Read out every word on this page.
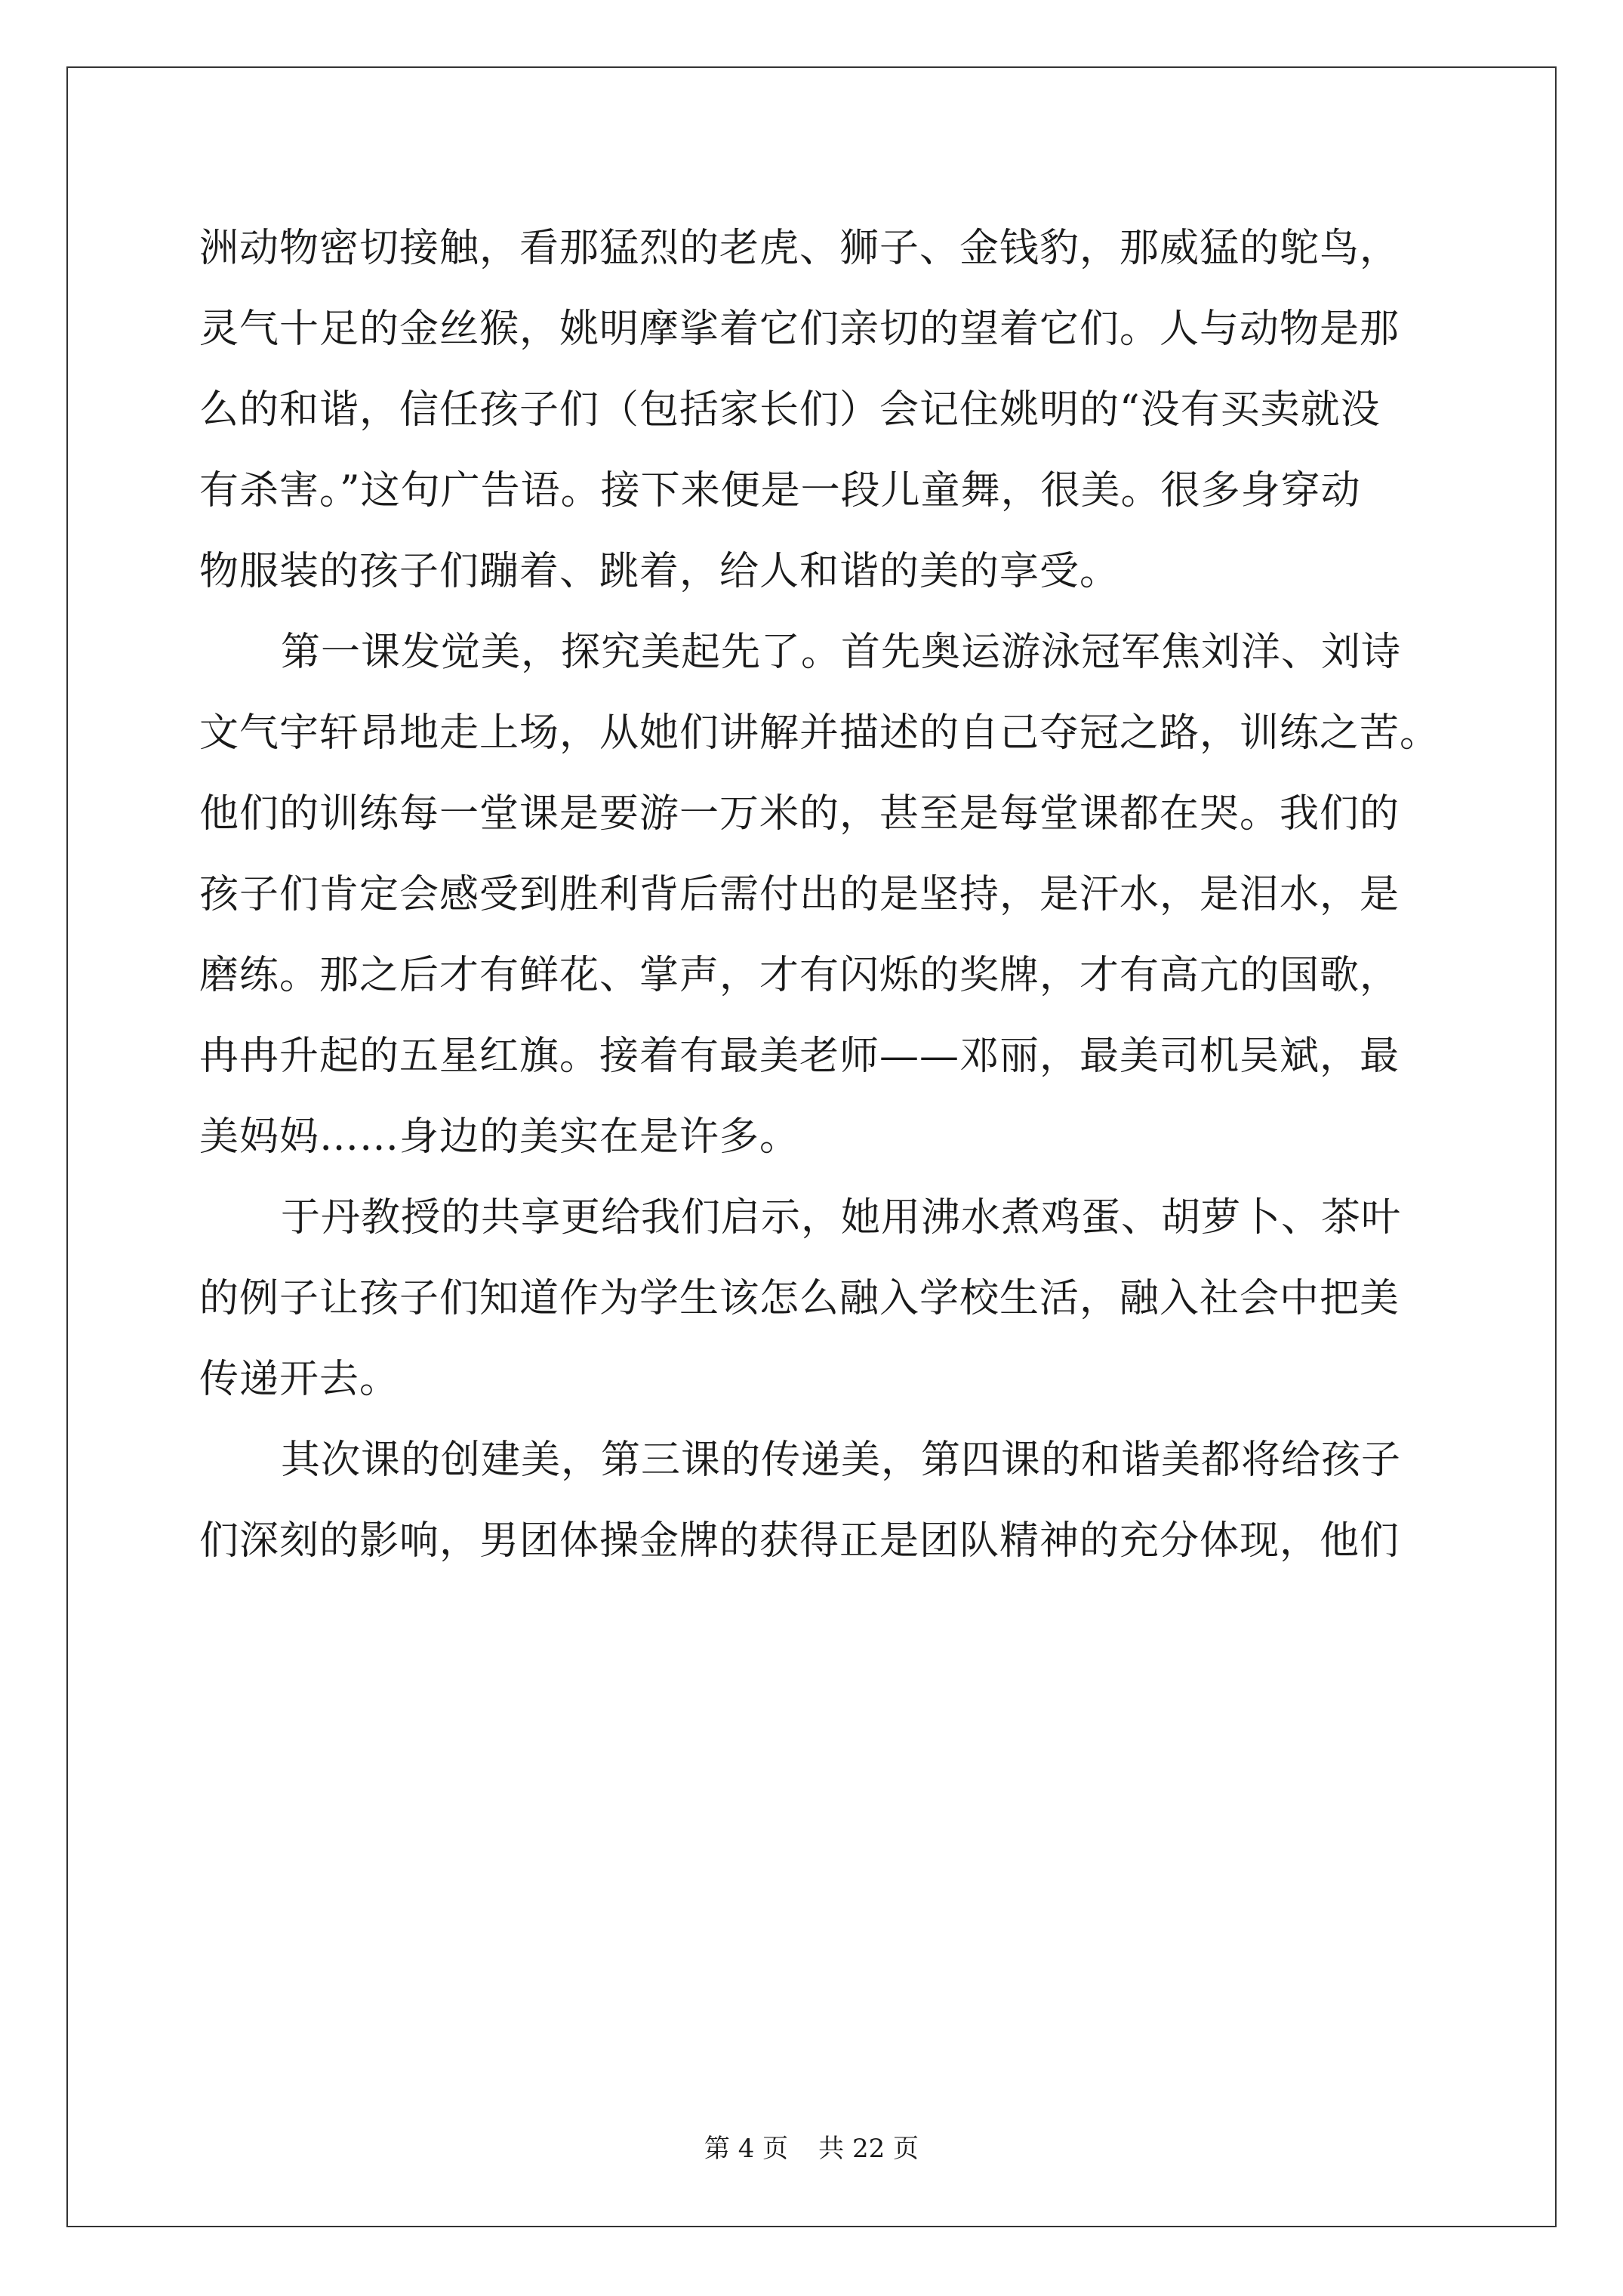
洲动物密切接触，看那猛烈的老虎、狮子、金钱豹，那威猛的鸵鸟，
灵气十足的金丝猴，姚明摩挲着它们亲切的望着它们。人与动物是那
么的和谐，信任孩子们（包括家长们）会记住姚明的“没有买卖就没
有杀害。”这句广告语。接下来便是一段儿童舞，很美。很多身穿动
物服装的孩子们蹦着、跳着，给人和谐的美的享受。
第一课发觉美，探究美起先了。首先奥运游泳冠军焦刘洋、刘诗
文气宇轩昂地走上场，从她们讲解并描述的自己夺冠之路，训练之苦。
他们的训练每一堂课是要游一万米的，甚至是每堂课都在哭。我们的
孩子们肯定会感受到胜利背后需付出的是坚持，是汗水，是泪水，是
磨练。那之后才有鲜花、掌声，才有闪烁的奖牌，才有高亢的国歌，
冉冉升起的五星红旗。接着有最美老师——邓丽，最美司机吴斌，最
美妈妈……身边的美实在是许多。
于丹教授的共享更给我们启示，她用沸水煮鸡蛋、胡萝卜、茶叶
的例子让孩子们知道作为学生该怎么融入学校生活，融入社会中把美
传递开去。
其次课的创建美，第三课的传递美，第四课的和谐美都将给孩子
们深刻的影响，男团体操金牌的获得正是团队精神的充分体现，他们
第 4 页 共 22 页
